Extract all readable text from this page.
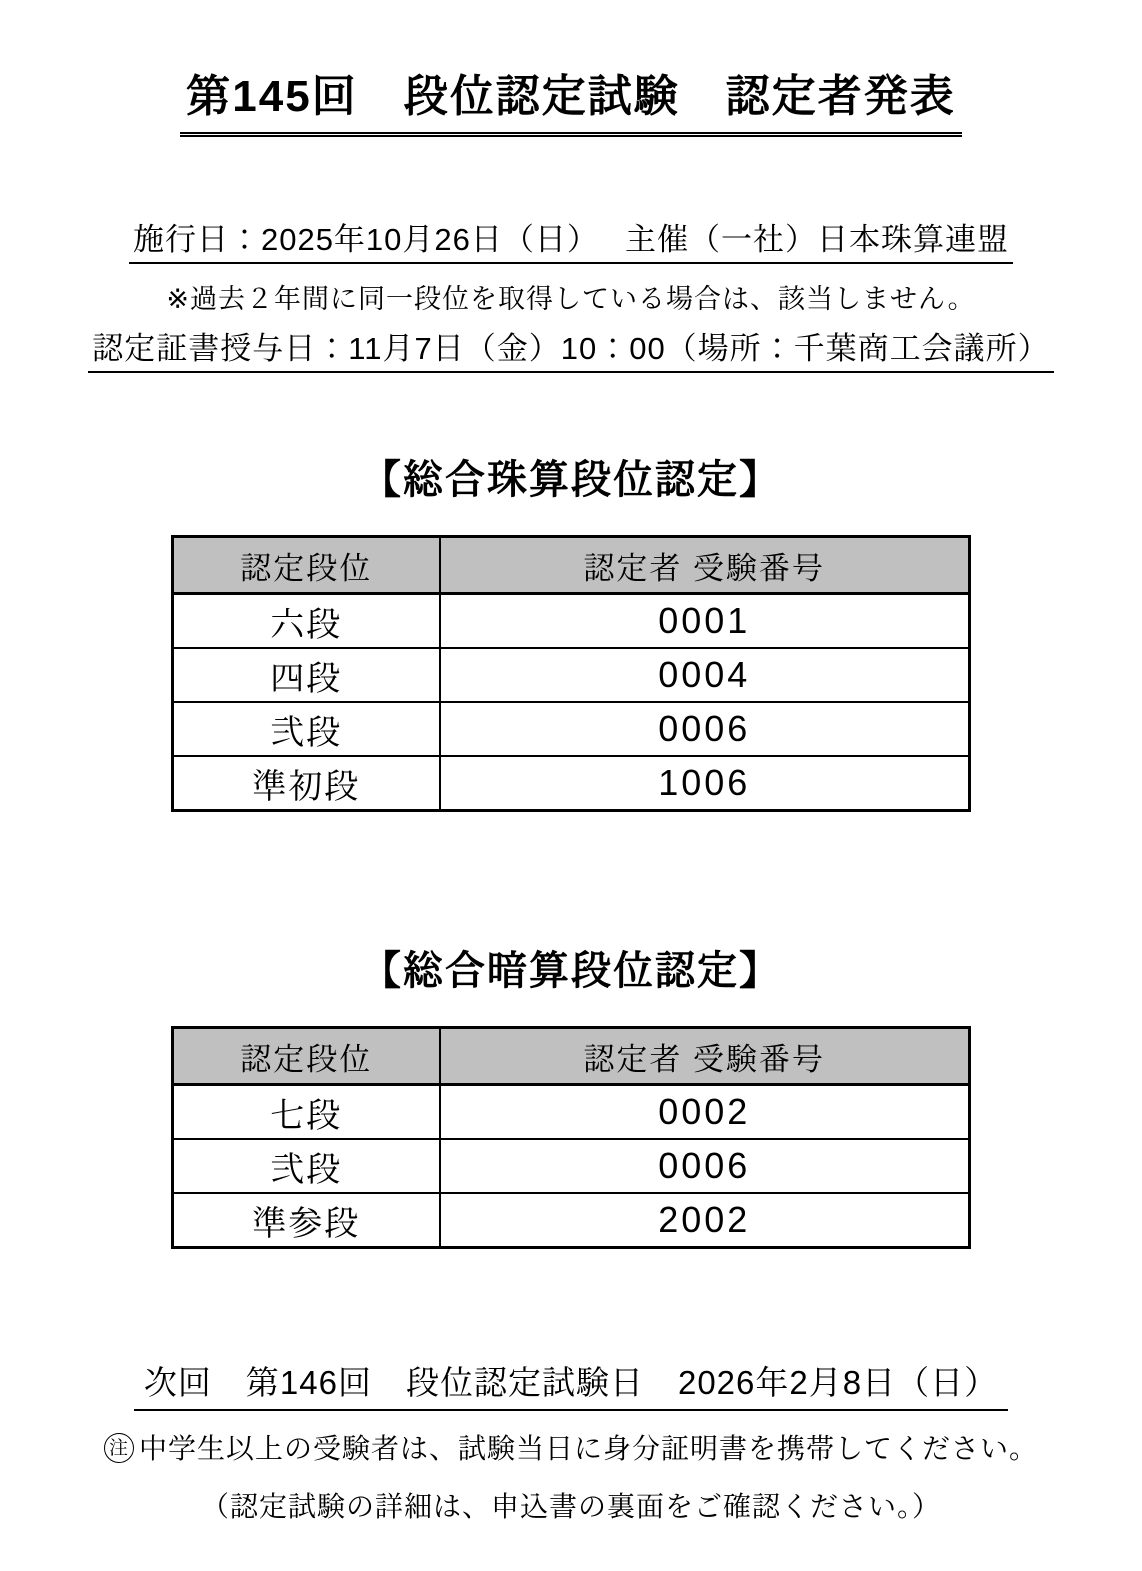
第145回　段位認定試験　認定者発表
施行日：2025年10月26日（日）　 主催（一社）日本珠算連盟
※過去２年間に同一段位を取得している場合は、該当しません。
認定証書授与日：11月7日（金）10：00（場所：千葉商工会議所）
【総合珠算段位認定】
認定段位	認定者 受験番号
六段	0001
四段	0004
弐段	0006
準初段	1006
【総合暗算段位認定】
認定段位	認定者 受験番号
七段	0002
弐段	0006
準参段	2002
次回　第146回　段位認定試験日　2026年2月8日（日）
注 中学生以上の受験者は、試験当日に身分証明書を携帯してください。
（認定試験の詳細は、申込書の裏面をご確認ください。）
